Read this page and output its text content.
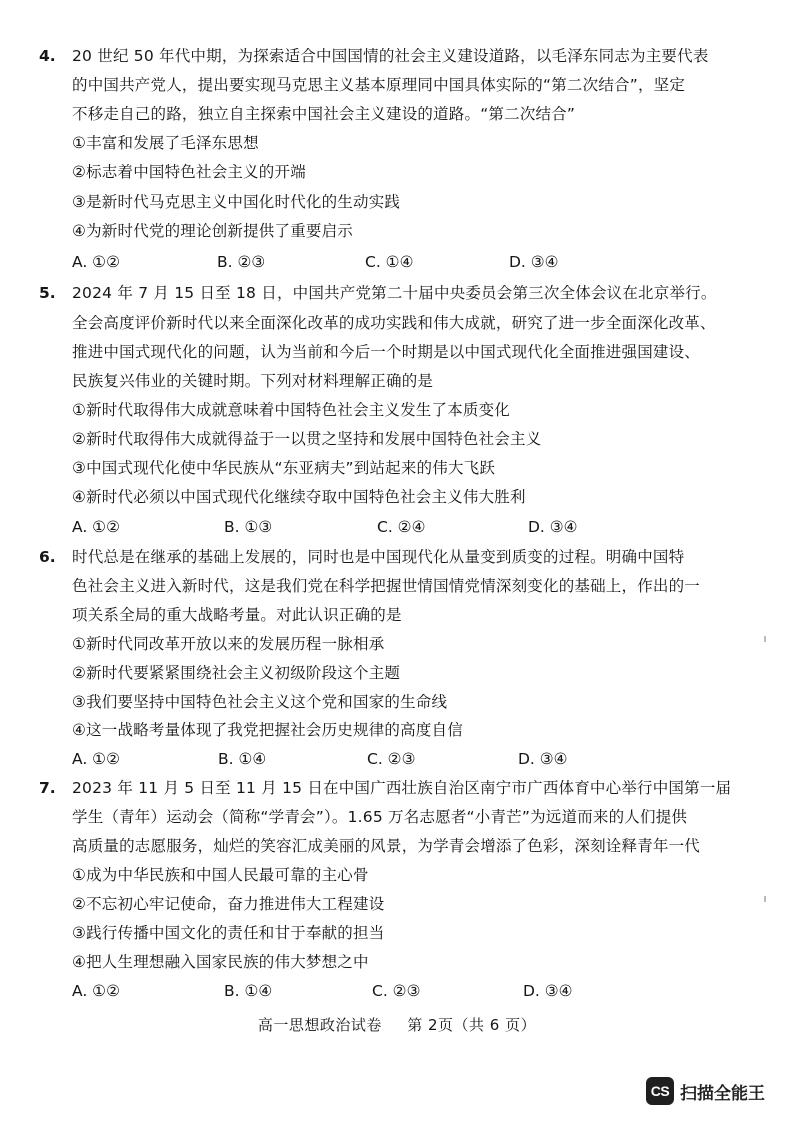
4. 20 世纪 50 年代中期，为探索适合中国国情的社会主义建设道路，以毛泽东同志为主要代表
的中国共产党人，提出要实现马克思主义基本原理同中国具体实际的“第二次结合”，坚定
不移走自己的路，独立自主探索中国社会主义建设的道路。“第二次结合”
①丰富和发展了毛泽东思想
②标志着中国特色社会主义的开端
③是新时代马克思主义中国化时代化的生动实践
④为新时代党的理论创新提供了重要启示
A. ①②	B. ②③	C. ①④	D. ③④
5. 2024 年 7 月 15 日至 18 日，中国共产党第二十届中央委员会第三次全体会议在北京举行。
全会高度评价新时代以来全面深化改革的成功实践和伟大成就，研究了进一步全面深化改革、
推进中国式现代化的问题，认为当前和今后一个时期是以中国式现代化全面推进强国建设、
民族复兴伟业的关键时期。下列对材料理解正确的是
①新时代取得伟大成就意味着中国特色社会主义发生了本质变化
②新时代取得伟大成就得益于一以贯之坚持和发展中国特色社会主义
③中国式现代化使中华民族从“东亚病夫”到站起来的伟大飞跃
④新时代必须以中国式现代化继续夺取中国特色社会主义伟大胜利
A. ①②	B. ①③	C. ②④	D. ③④
6. 时代总是在继承的基础上发展的，同时也是中国现代化从量变到质变的过程。明确中国特
色社会主义进入新时代，这是我们党在科学把握世情国情党情深刻变化的基础上，作出的一
项关系全局的重大战略考量。对此认识正确的是
①新时代同改革开放以来的发展历程一脉相承
②新时代要紧紧围绕社会主义初级阶段这个主题
③我们要坚持中国特色社会主义这个党和国家的生命线
④这一战略考量体现了我党把握社会历史规律的高度自信
A. ①②	B. ①④	C. ②③	D. ③④
7. 2023 年 11 月 5 日至 11 月 15 日在中国广西壮族自治区南宁市广西体育中心举行中国第一届
学生（青年）运动会（简称“学青会”）。1.65 万名志愿者“小青芒”为远道而来的人们提供
高质量的志愿服务，灿烂的笑容汇成美丽的风景，为学青会增添了色彩，深刻诠释青年一代
①成为中华民族和中国人民最可靠的主心骨
②不忘初心牢记使命，奋力推进伟大工程建设
③践行传播中国文化的责任和甘于奉献的担当
④把人生理想融入国家民族的伟大梦想之中
A. ①②	B. ①④	C. ②③	D. ③④
高一思想政治试卷 第 2页（共 6 页）
CS 扫描全能王
